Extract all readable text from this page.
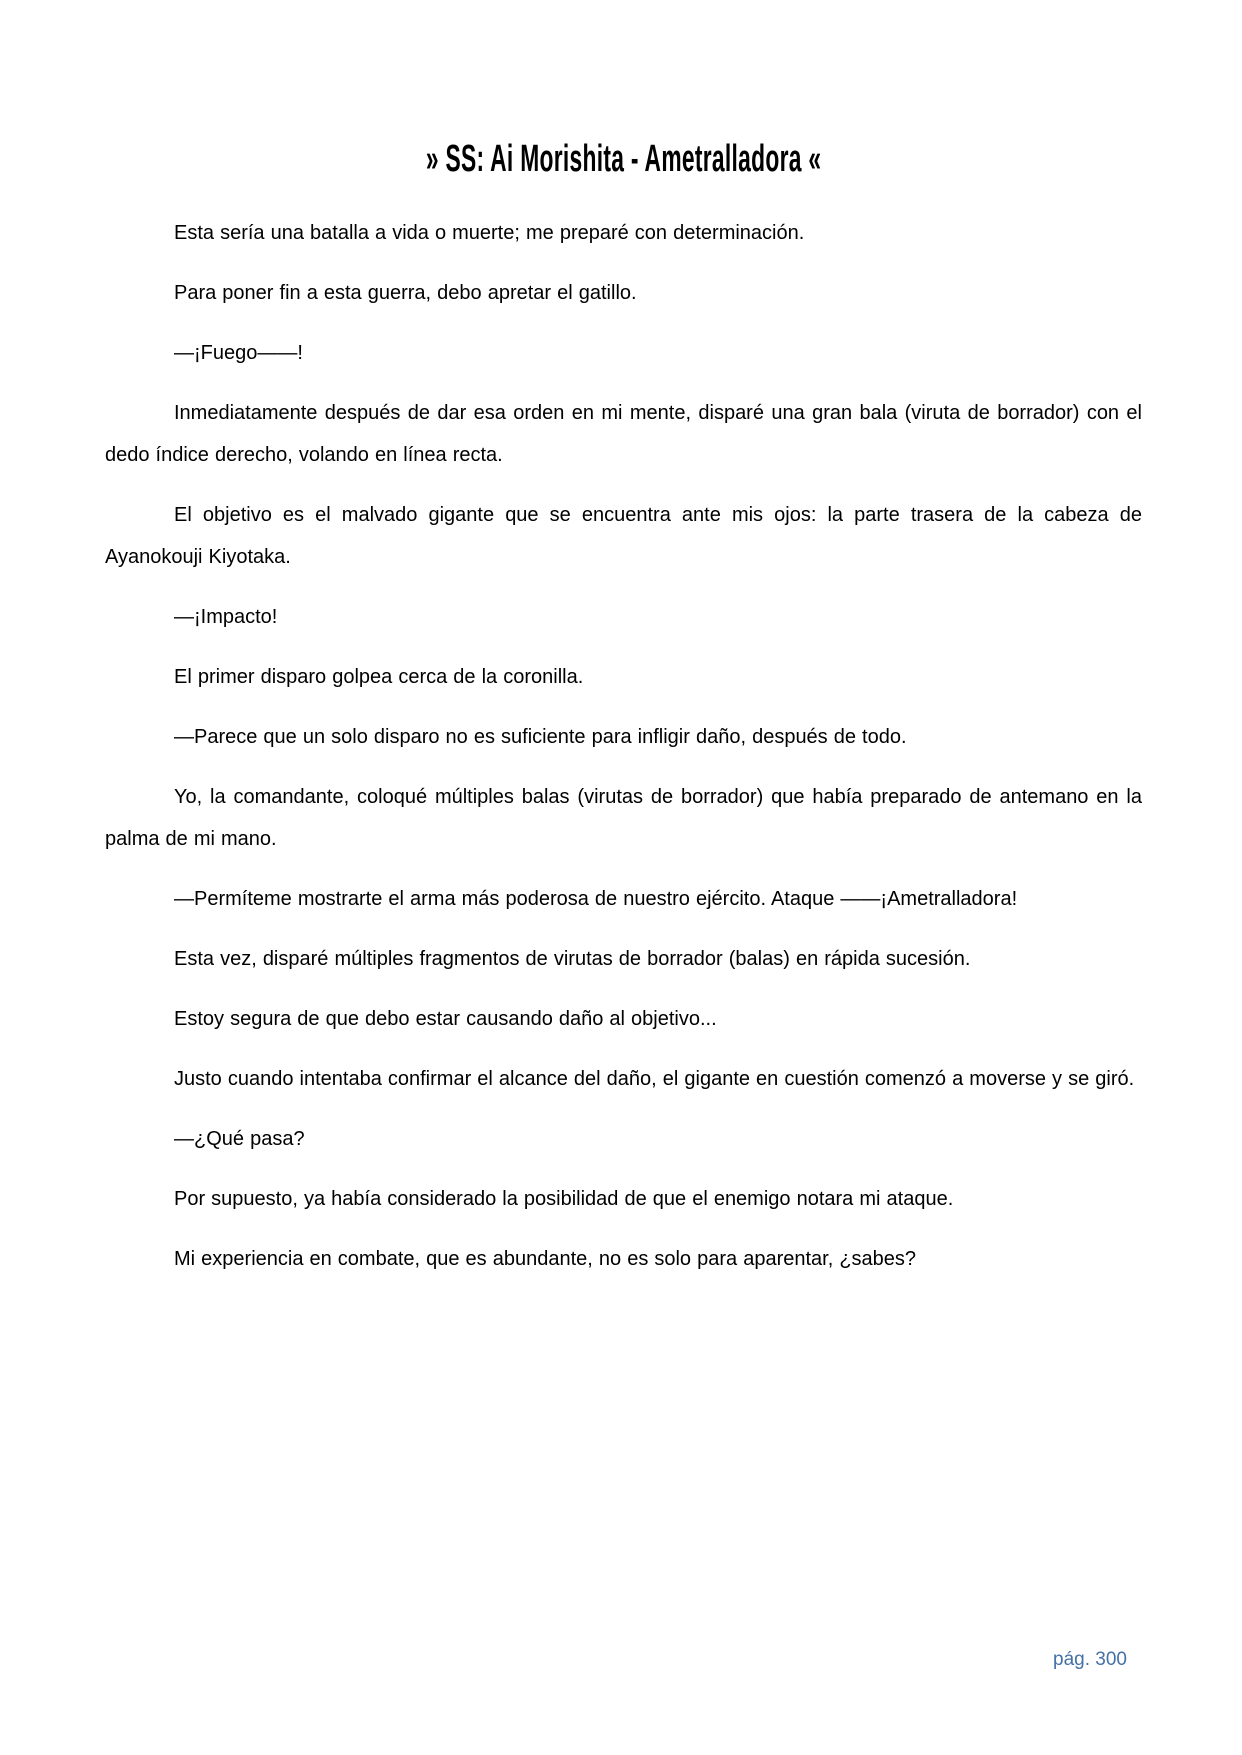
» SS: Ai Morishita - Ametralladora «

Esta sería una batalla a vida o muerte; me preparé con determinación.

Para poner fin a esta guerra, debo apretar el gatillo.

—¡Fuego——!

Inmediatamente después de dar esa orden en mi mente, disparé una gran bala (viruta de borrador) con el dedo índice derecho, volando en línea recta.

El objetivo es el malvado gigante que se encuentra ante mis ojos: la parte trasera de la cabeza de Ayanokouji Kiyotaka.

—¡Impacto!

El primer disparo golpea cerca de la coronilla.

—Parece que un solo disparo no es suficiente para infligir daño, después de todo.

Yo, la comandante, coloqué múltiples balas (virutas de borrador) que había preparado de antemano en la palma de mi mano.

—Permíteme mostrarte el arma más poderosa de nuestro ejército. Ataque ——¡Ametralladora!

Esta vez, disparé múltiples fragmentos de virutas de borrador (balas) en rápida sucesión.

Estoy segura de que debo estar causando daño al objetivo...

Justo cuando intentaba confirmar el alcance del daño, el gigante en cuestión comenzó a moverse y se giró.

—¿Qué pasa?

Por supuesto, ya había considerado la posibilidad de que el enemigo notara mi ataque.

Mi experiencia en combate, que es abundante, no es solo para aparentar, ¿sabes?

pág. 300
